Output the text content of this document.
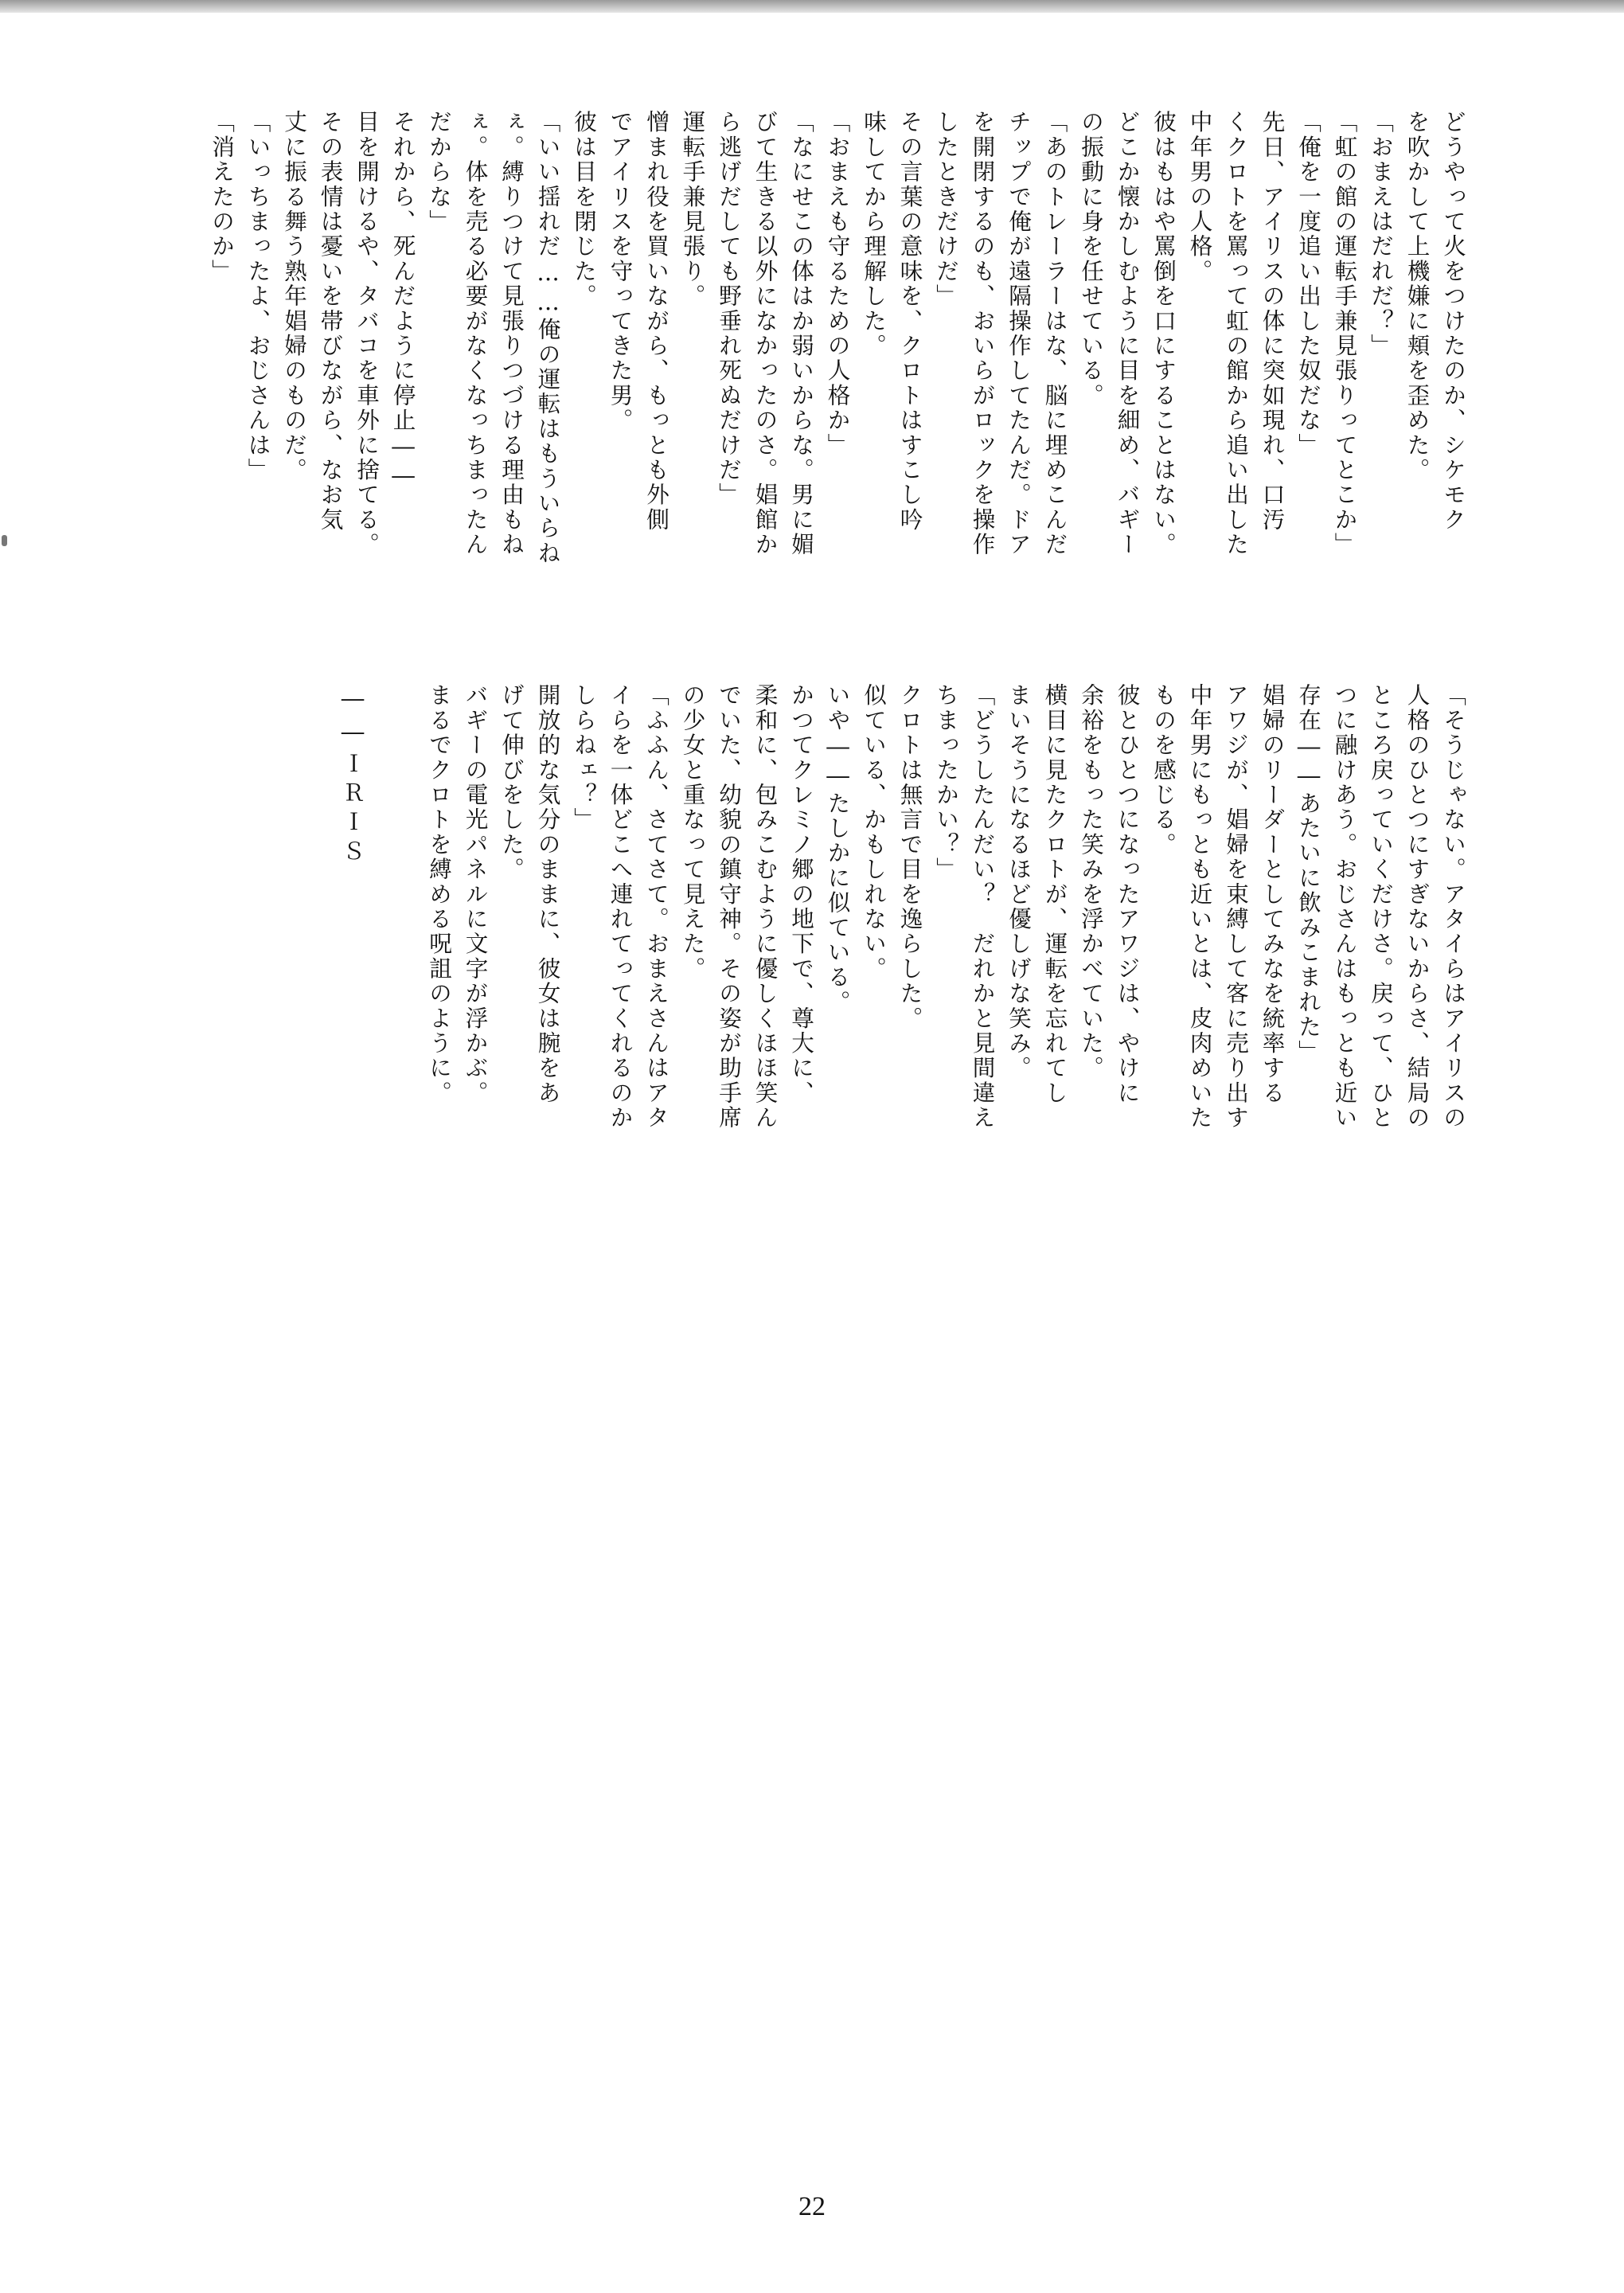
どうやって火をつけたのか、シケモク
を吹かして上機嫌に頬を歪めた。
「おまえはだれだ？」
「虹の館の運転手兼見張りってとこか」
「俺を一度追い出した奴だな」
先日、アイリスの体に突如現れ、口汚
くクロトを罵って虹の館から追い出した
中年男の人格。
彼はもはや罵倒を口にすることはない。
どこか懐かしむように目を細め、バギー
の振動に身を任せている。
「あのトレーラーはな、脳に埋めこんだ
チップで俺が遠隔操作してたんだ。ドア
を開閉するのも、おいらがロックを操作
したときだけだ」
その言葉の意味を、クロトはすこし吟
味してから理解した。
「おまえも守るための人格か」
「なにせこの体はか弱いからな。男に媚
びて生きる以外になかったのさ。娼館か
ら逃げだしても野垂れ死ぬだけだ」
運転手兼見張り。
憎まれ役を買いながら、もっとも外側
でアイリスを守ってきた男。
彼は目を閉じた。
「いい揺れだ……俺の運転はもういらね
ぇ。縛りつけて見張りつづける理由もね
ぇ。体を売る必要がなくなっちまったん
だからな」
それから、死んだように停止――
目を開けるや、タバコを車外に捨てる。
その表情は憂いを帯びながら、なお気
丈に振る舞う熟年娼婦のものだ。
「いっちまったよ、おじさんは」
「消えたのか」
「そうじゃない。アタイらはアイリスの
人格のひとつにすぎないからさ、結局の
ところ戻っていくだけさ。戻って、ひと
つに融けあう。おじさんはもっとも近い
存在――あたいに飲みこまれた」
娼婦のリーダーとしてみなを統率する
アワジが、娼婦を束縛して客に売り出す
中年男にもっとも近いとは、皮肉めいた
ものを感じる。
彼とひとつになったアワジは、やけに
余裕をもった笑みを浮かべていた。
横目に見たクロトが、運転を忘れてし
まいそうになるほど優しげな笑み。
「どうしたんだい？　だれかと見間違え
ちまったかい？」
クロトは無言で目を逸らした。
似ている、かもしれない。
いや――たしかに似ている。
かつてクレミノ郷の地下で、尊大に、
柔和に、包みこむように優しくほほ笑ん
でいた、幼貌の鎮守神。その姿が助手席
の少女と重なって見えた。
「ふふん、さてさて。おまえさんはアタ
イらを一体どこへ連れてってくれるのか
しらねェ？」
開放的な気分のままに、彼女は腕をあ
げて伸びをした。
バギーの電光パネルに文字が浮かぶ。
まるでクロトを縛める呪詛のように。
――ＩＲＩＳ
22
